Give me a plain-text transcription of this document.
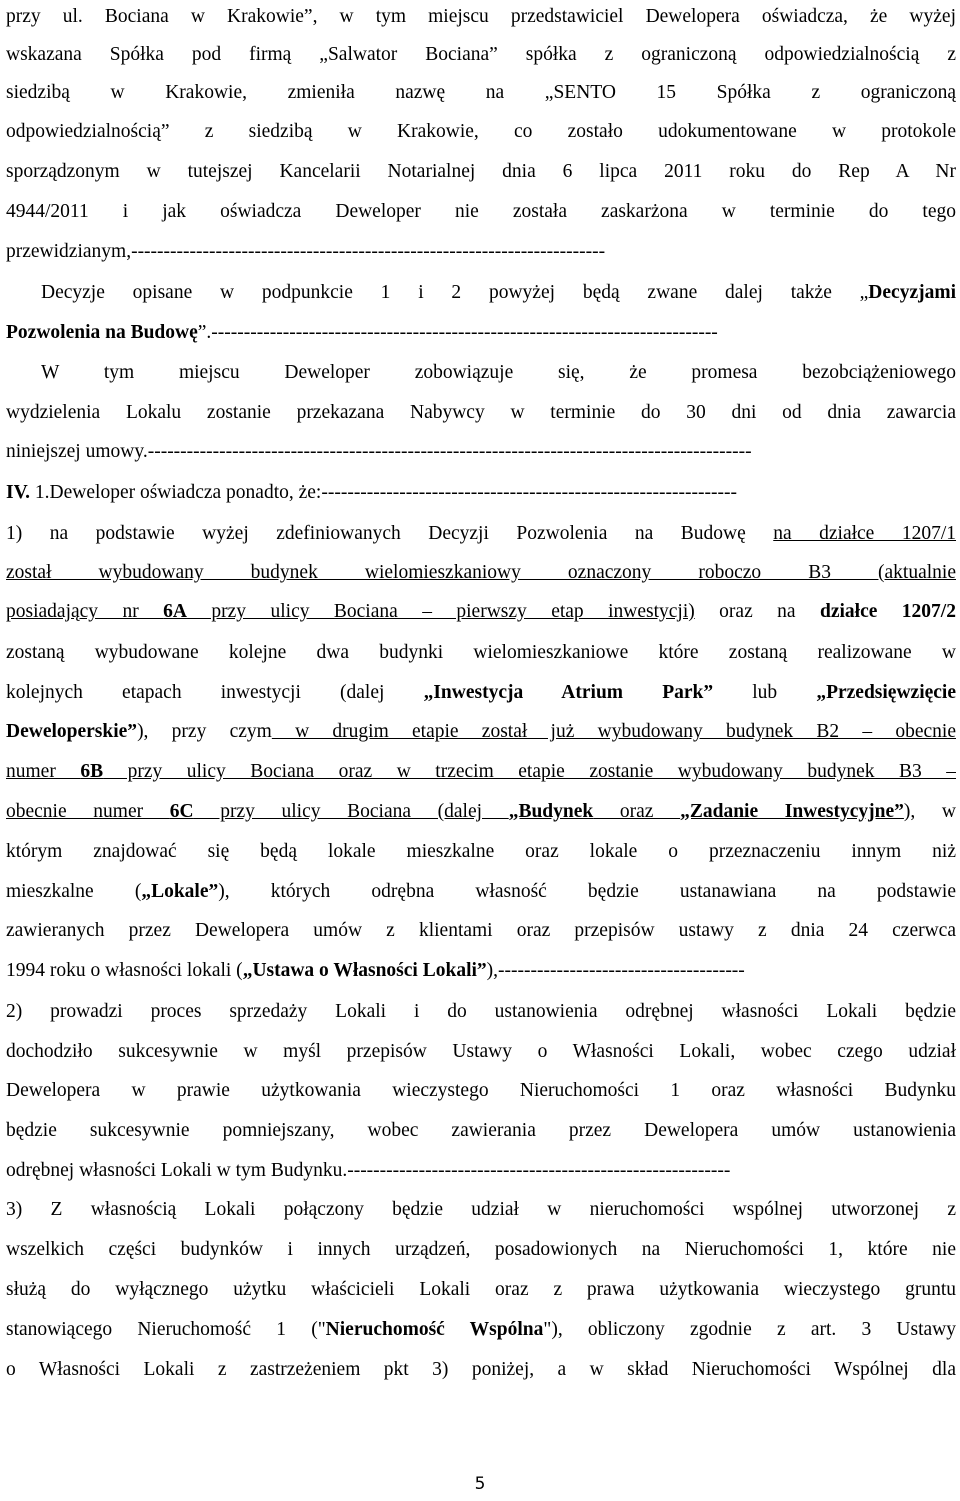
przy ul. Bociana w Krakowie”, w tym miejscu przedstawiciel Dewelopera oświadcza, że wyżej
wskazana Spółka pod firmą „Salwator Bociana” spółka z ograniczoną odpowiedzialnością z
siedzibą w Krakowie, zmieniła nazwę na „SENTO 15 Spółka z ograniczoną
odpowiedzialnością” z siedzibą w Krakowie, co zostało udokumentowane w protokole
sporządzonym w tutejszej Kancelarii Notarialnej dnia 6 lipca 2011 roku do Rep A Nr
4944/2011 i jak oświadcza Deweloper nie została zaskarżona w terminie do tego
przewidzianym,-------------------------------------------------------------------------
Decyzje opisane w podpunkcie 1 i 2 powyżej będą zwane dalej także „Decyzjami
Pozwolenia na Budowę”.------------------------------------------------------------------------------
W tym miejscu Deweloper zobowiązuje się, że promesa bezobciążeniowego
wydzielenia Lokalu zostanie przekazana Nabywcy w terminie do 30 dni od dnia zawarcia
niniejszej umowy.---------------------------------------------------------------------------------------------
IV. 1.Deweloper oświadcza ponadto, że:----------------------------------------------------------------
1) na podstawie wyżej zdefiniowanych Decyzji Pozwolenia na Budowę na działce 1207/1
został wybudowany budynek wielomieszkaniowy oznaczony roboczo B3 (aktualnie
posiadający nr 6A przy ulicy Bociana – pierwszy etap inwestycji) oraz na działce 1207/2
zostaną wybudowane kolejne dwa budynki wielomieszkaniowe które zostaną realizowane w
kolejnych etapach inwestycji (dalej „Inwestycja Atrium Park” lub „Przedsięwzięcie
Deweloperskie”), przy czym w drugim etapie został już wybudowany budynek B2 – obecnie
numer 6B przy ulicy Bociana oraz w trzecim etapie zostanie wybudowany budynek B3 –
obecnie numer 6C przy ulicy Bociana (dalej „Budynek oraz „Zadanie Inwestycyjne”), w
którym znajdować się będą lokale mieszkalne oraz lokale o przeznaczeniu innym niż
mieszkalne („Lokale”), których odrębna własność będzie ustanawiana na podstawie
zawieranych przez Dewelopera umów z klientami oraz przepisów ustawy z dnia 24 czerwca
1994 roku o własności lokali („Ustawa o Własności Lokali”),--------------------------------------
2) prowadzi proces sprzedaży Lokali i do ustanowienia odrębnej własności Lokali będzie
dochodziło sukcesywnie w myśl przepisów Ustawy o Własności Lokali, wobec czego udział
Dewelopera w prawie użytkowania wieczystego Nieruchomości 1 oraz własności Budynku
będzie sukcesywnie pomniejszany, wobec zawierania przez Dewelopera umów ustanowienia
odrębnej własności Lokali w tym Budynku.-----------------------------------------------------------
3) Z własnością Lokali połączony będzie udział w nieruchomości wspólnej utworzonej z
wszelkich części budynków i innych urządzeń, posadowionych na Nieruchomości 1, które nie
służą do wyłącznego użytku właścicieli Lokali oraz z prawa użytkowania wieczystego gruntu
stanowiącego Nieruchomość 1 ("Nieruchomość Wspólna"), obliczony zgodnie z art. 3 Ustawy
o Własności Lokali z zastrzeżeniem pkt 3) poniżej, a w skład Nieruchomości Wspólnej dla
5
